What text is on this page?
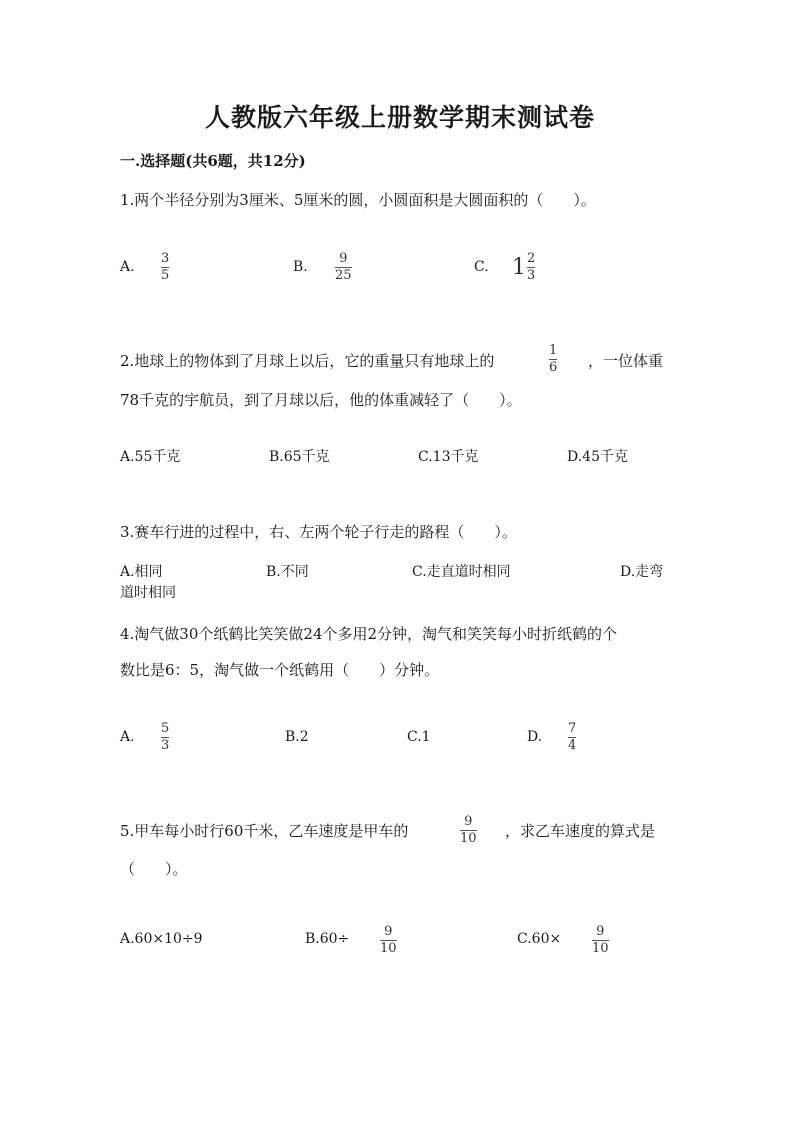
人教版六年级上册数学期末测试卷
一.选择题(共6题，共12分)
1.两个半径分别为3厘米、5厘米的圆，小圆面积是大圆面积的（　　）。
A.
3
5
B.
9
25
C. $1 \frac{2}{3}$
2.地球上的物体到了月球上以后，它的重量只有地球上的
1
6 ，一位体重
78千克的宇航员，到了月球以后，他的体重减轻了（　　）。
A.55千克	B.65千克	C.13千克	D.45千克
3.赛车行进的过程中，右、左两个轮子行走的路程（　　）。
A.相同	B.不同	C.走直道时相同	D.走弯
道时相同
4.淘气做30个纸鹤比笑笑做24个多用2分钟，淘气和笑笑每小时折纸鹤的个
数比是6：5，淘气做一个纸鹤用（　　）分钟。
A.
5
3
B.2	C.1	D.
7
4
5.甲车每小时行60千米，乙车速度是甲车的
9
10 ，求乙车速度的算式是
（　　）。
A.60×10÷9	B.60÷	9
10
C.60×	9
10
